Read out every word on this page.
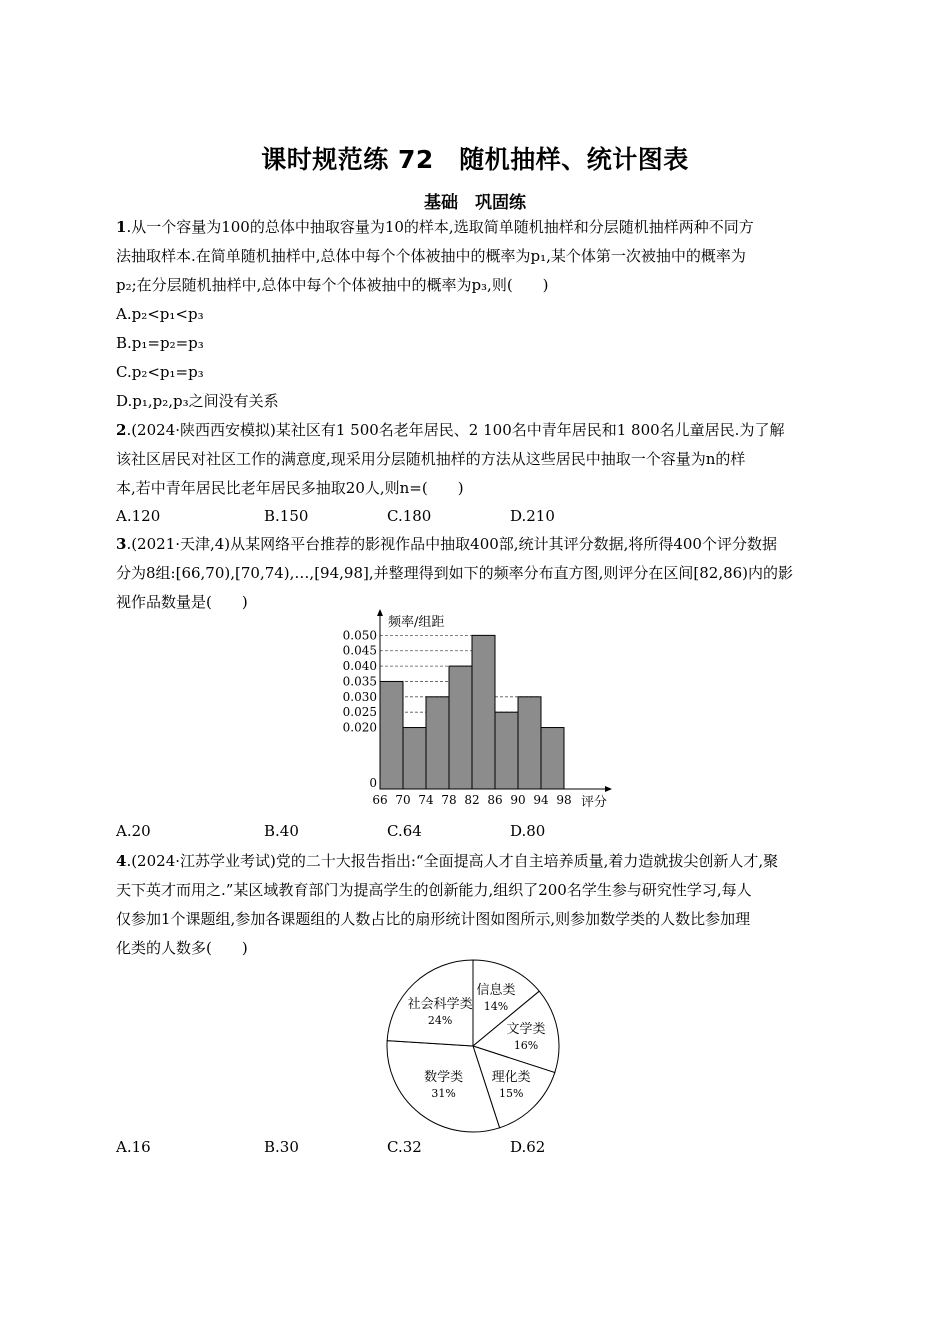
课时规范练 72　随机抽样、统计图表
基础　巩固练
1.从一个容量为100的总体中抽取容量为10的样本,选取简单随机抽样和分层随机抽样两种不同方
法抽取样本.在简单随机抽样中,总体中每个个体被抽中的概率为p₁,某个体第一次被抽中的概率为
p₂;在分层随机抽样中,总体中每个个体被抽中的概率为p₃,则(　　)
A.p₂<p₁<p₃
B.p₁=p₂=p₃
C.p₂<p₁=p₃
D.p₁,p₂,p₃之间没有关系
2.(2024·陕西西安模拟)某社区有1 500名老年居民、2 100名中青年居民和1 800名儿童居民.为了解
该社区居民对社区工作的满意度,现采用分层随机抽样的方法从这些居民中抽取一个容量为n的样
本,若中青年居民比老年居民多抽取20人,则n=(　　)
A.120	B.150	C.180	D.210
3.(2021·天津,4)从某网络平台推荐的影视作品中抽取400部,统计其评分数据,将所得400个评分数据
分为8组:[66,70),[70,74),…,[94,98],并整理得到如下的频率分布直方图,则评分在区间[82,86)内的影
视作品数量是(　　)
0.020
0.025
0.030
0.035
0.040
0.045
0.050
0
66 70 74 78 82 86 90 94 98 评分
频率/组距
A.20	B.40	C.64	D.80
4.(2024·江苏学业考试)党的二十大报告指出:“全面提高人才自主培养质量,着力造就拔尖创新人才,聚
天下英才而用之.”某区域教育部门为提高学生的创新能力,组织了200名学生参与研究性学习,每人
仅参加1个课题组,参加各课题组的人数占比的扇形统计图如图所示,则参加数学类的人数比参加理
化类的人数多(　　)
信息类
14%
文学类
16%
理化类
15%
数学类
31%
社会科学类
24%
A.16	B.30	C.32	D.62
